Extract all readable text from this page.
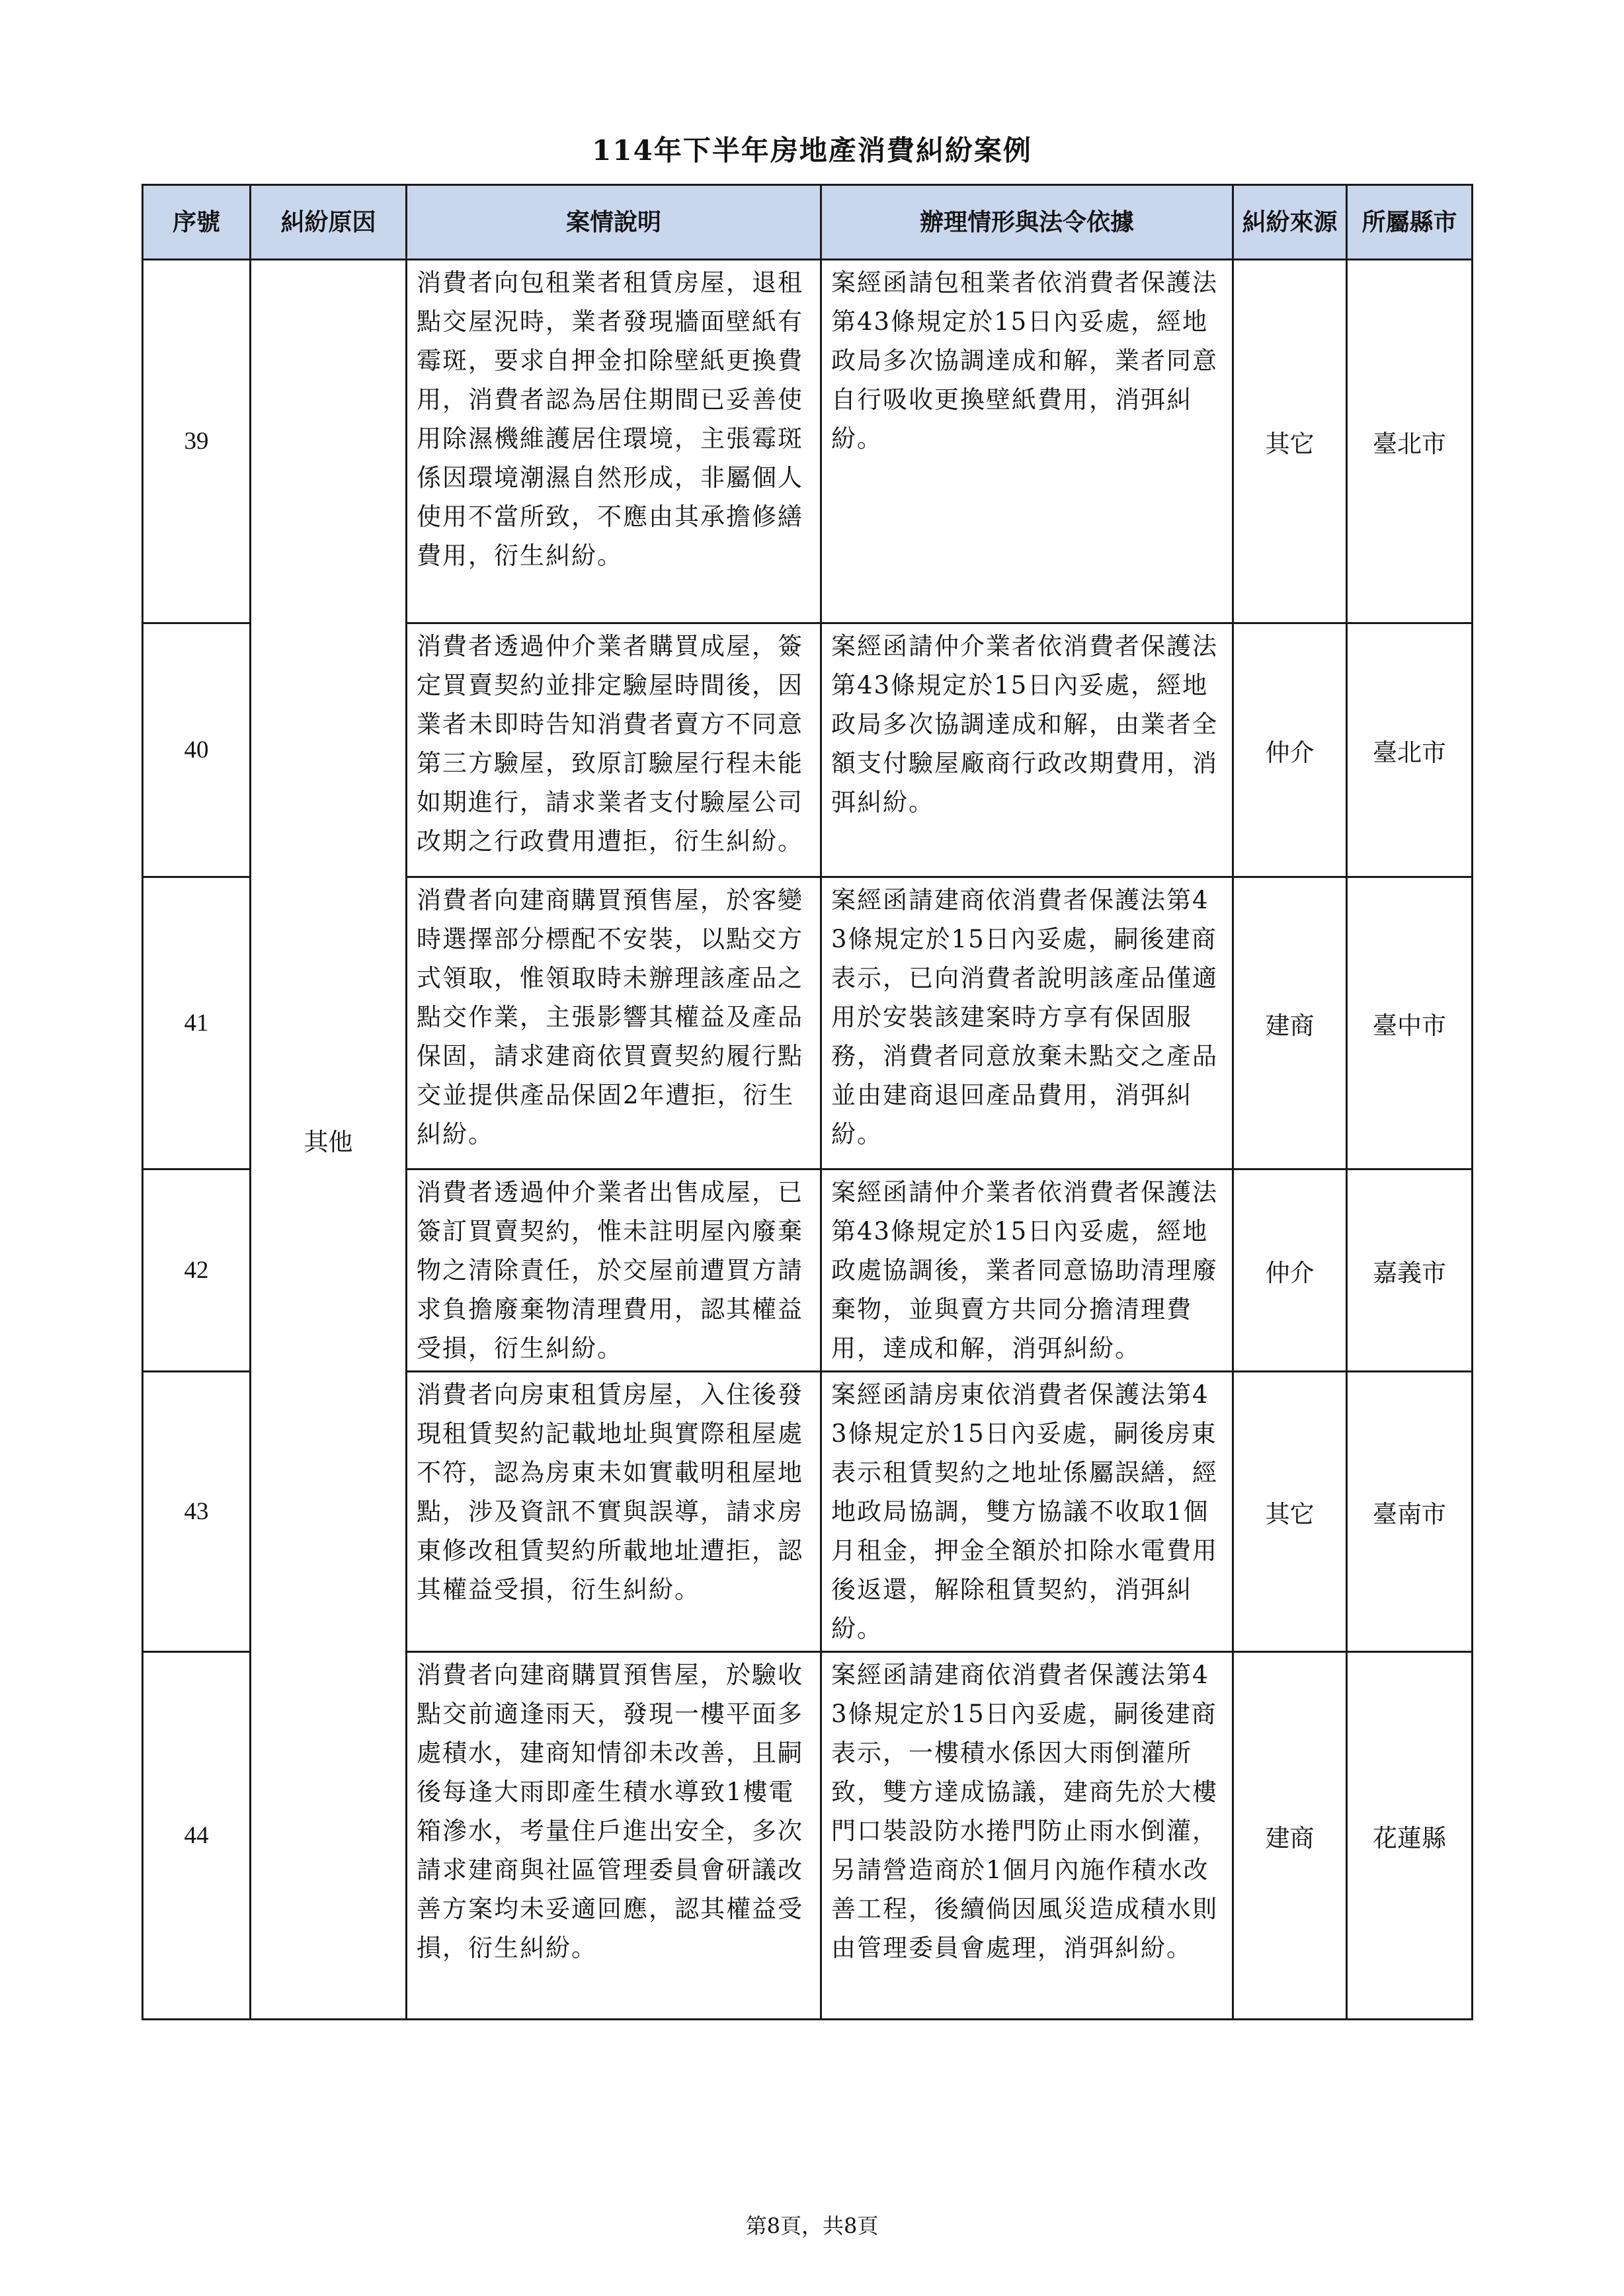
114年下半年房地產消費糾紛案例
序號	糾紛原因	案情說明	辦理情形與法令依據	糾紛來源	所屬縣市
39	其他	消費者向包租業者租賃房屋，退租點交屋況時，業者發現牆面壁紙有霉斑，要求自押金扣除壁紙更換費用，消費者認為居住期間已妥善使用除濕機維護居住環境，主張霉斑係因環境潮濕自然形成，非屬個人使用不當所致，不應由其承擔修繕費用，衍生糾紛。	案經函請包租業者依消費者保護法第43條規定於15日內妥處，經地政局多次協調達成和解，業者同意自行吸收更換壁紙費用，消弭糾紛。	其它	臺北市
40		消費者透過仲介業者購買成屋，簽定買賣契約並排定驗屋時間後，因業者未即時告知消費者賣方不同意第三方驗屋，致原訂驗屋行程未能如期進行，請求業者支付驗屋公司改期之行政費用遭拒，衍生糾紛。	案經函請仲介業者依消費者保護法第43條規定於15日內妥處，經地政局多次協調達成和解，由業者全額支付驗屋廠商行政改期費用，消弭糾紛。	仲介	臺北市
41		消費者向建商購買預售屋，於客變時選擇部分標配不安裝，以點交方式領取，惟領取時未辦理該產品之點交作業，主張影響其權益及產品保固，請求建商依買賣契約履行點交並提供產品保固2年遭拒，衍生糾紛。	案經函請建商依消費者保護法第43條規定於15日內妥處，嗣後建商表示，已向消費者說明該產品僅適用於安裝該建案時方享有保固服務，消費者同意放棄未點交之產品並由建商退回產品費用，消弭糾紛。	建商	臺中市
42		消費者透過仲介業者出售成屋，已簽訂買賣契約，惟未註明屋內廢棄物之清除責任，於交屋前遭買方請求負擔廢棄物清理費用，認其權益受損，衍生糾紛。	案經函請仲介業者依消費者保護法第43條規定於15日內妥處，經地政處協調後，業者同意協助清理廢棄物，並與賣方共同分擔清理費用，達成和解，消弭糾紛。	仲介	嘉義市
43		消費者向房東租賃房屋，入住後發現租賃契約記載地址與實際租屋處不符，認為房東未如實載明租屋地點，涉及資訊不實與誤導，請求房東修改租賃契約所載地址遭拒，認其權益受損，衍生糾紛。	案經函請房東依消費者保護法第43條規定於15日內妥處，嗣後房東表示租賃契約之地址係屬誤繕，經地政局協調，雙方協議不收取1個月租金，押金全額於扣除水電費用後返還，解除租賃契約，消弭糾紛。	其它	臺南市
44		消費者向建商購買預售屋，於驗收點交前適逢雨天，發現一樓平面多處積水，建商知情卻未改善，且嗣後每逢大雨即產生積水導致1樓電箱滲水，考量住戶進出安全，多次請求建商與社區管理委員會研議改善方案均未妥適回應，認其權益受損，衍生糾紛。	案經函請建商依消費者保護法第43條規定於15日內妥處，嗣後建商表示，一樓積水係因大雨倒灌所致，雙方達成協議，建商先於大樓門口裝設防水捲門防止雨水倒灌，另請營造商於1個月內施作積水改善工程，後續倘因風災造成積水則由管理委員會處理，消弭糾紛。	建商	花蓮縣
第8頁，共8頁
